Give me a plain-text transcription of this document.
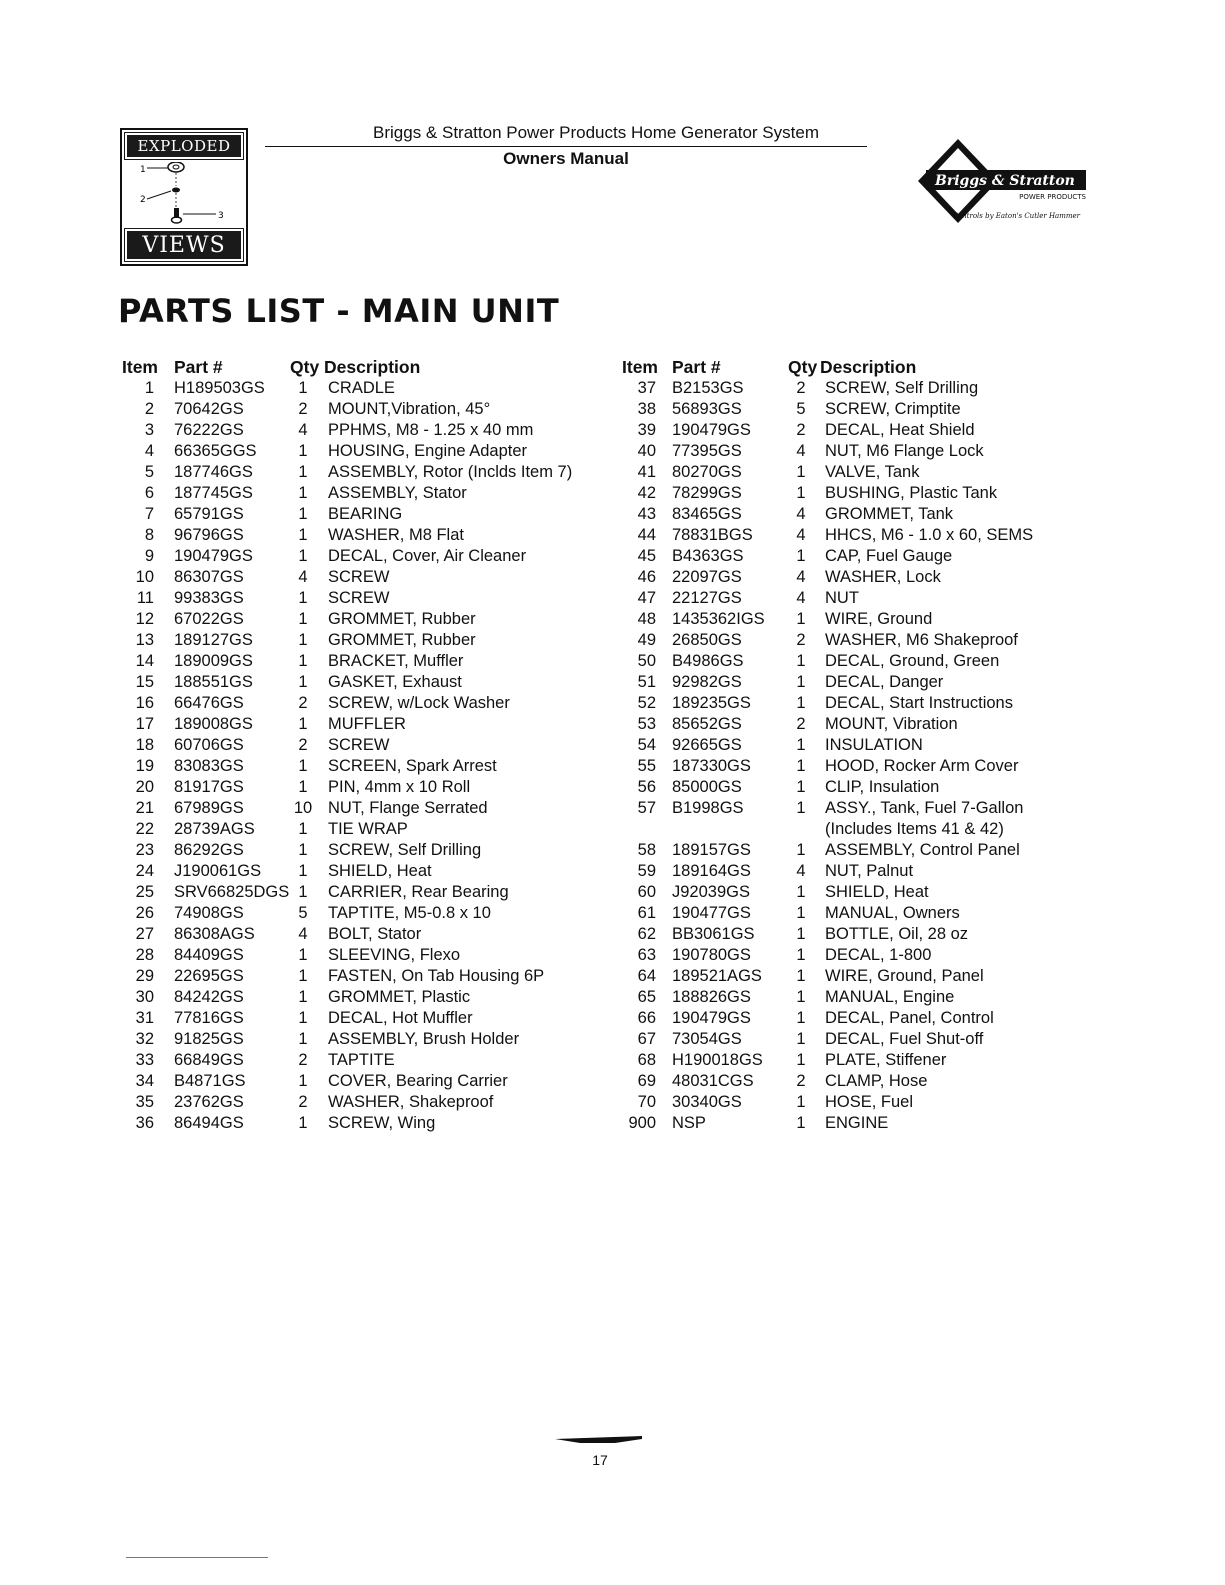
EXPLODED
1
2
3
VIEWS
Briggs & Stratton Power Products Home Generator System
Owners Manual
Briggs & Stratton
POWER PRODUCTS
Controls by Eaton's Cutler Hammer
PARTS LIST - MAIN UNIT
Item Part #	Qty Description
1 H189503GS	1	CRADLE
2 70642GS	2	MOUNT,Vibration, 45°
3 76222GS	4	PPHMS, M8 - 1.25 x 40 mm
4 66365GGS	1	HOUSING, Engine Adapter
5 187746GS	1	ASSEMBLY, Rotor (Inclds Item 7)
6 187745GS	1	ASSEMBLY, Stator
7 65791GS	1	BEARING
8 96796GS	1	WASHER, M8 Flat
9 190479GS	1	DECAL, Cover, Air Cleaner
10 86307GS	4	SCREW
11 99383GS	1	SCREW
12 67022GS	1	GROMMET, Rubber
13 189127GS	1	GROMMET, Rubber
14 189009GS	1	BRACKET, Muffler
15 188551GS	1	GASKET, Exhaust
16 66476GS	2	SCREW, w/Lock Washer
17 189008GS	1	MUFFLER
18 60706GS	2	SCREW
19 83083GS	1	SCREEN, Spark Arrest
20 81917GS	1	PIN, 4mm x 10 Roll
21 67989GS	10 NUT, Flange Serrated
22 28739AGS	1	TIE WRAP
23 86292GS	1	SCREW, Self Drilling
24 J190061GS	1	SHIELD, Heat
25 SRV66825DGS 1	CARRIER, Rear Bearing
26 74908GS	5	TAPTITE, M5-0.8 x 10
27 86308AGS	4	BOLT, Stator
28 84409GS	1	SLEEVING, Flexo
29 22695GS	1	FASTEN, On Tab Housing 6P
30 84242GS	1	GROMMET, Plastic
31 77816GS	1	DECAL, Hot Muffler
32 91825GS	1	ASSEMBLY, Brush Holder
33 66849GS	2	TAPTITE
34 B4871GS	1	COVER, Bearing Carrier
35 23762GS	2	WASHER, Shakeproof
36 86494GS	1	SCREW, Wing
Item Part #	Qty Description
37 B2153GS	2	SCREW, Self Drilling
38 56893GS	5	SCREW, Crimptite
39 190479GS	2	DECAL, Heat Shield
40 77395GS	4	NUT, M6 Flange Lock
41 80270GS	1	VALVE, Tank
42 78299GS	1	BUSHING, Plastic Tank
43 83465GS	4	GROMMET, Tank
44 78831BGS	4	HHCS, M6 - 1.0 x 60, SEMS
45 B4363GS	1	CAP, Fuel Gauge
46 22097GS	4	WASHER, Lock
47 22127GS	4	NUT
48 1435362IGS	1	WIRE, Ground
49 26850GS	2	WASHER, M6 Shakeproof
50 B4986GS	1	DECAL, Ground, Green
51 92982GS	1	DECAL, Danger
52 189235GS	1	DECAL, Start Instructions
53 85652GS	2	MOUNT, Vibration
54 92665GS	1	INSULATION
55 187330GS	1	HOOD, Rocker Arm Cover
56 85000GS	1	CLIP, Insulation
57 B1998GS	1	ASSY., Tank, Fuel 7-Gallon
(Includes Items 41 & 42)
58 189157GS	1	ASSEMBLY, Control Panel
59 189164GS	4	NUT, Palnut
60 J92039GS	1	SHIELD, Heat
61 190477GS	1	MANUAL, Owners
62 BB3061GS	1	BOTTLE, Oil, 28 oz
63 190780GS	1	DECAL, 1-800
64 189521AGS	1	WIRE, Ground, Panel
65 188826GS	1	MANUAL, Engine
66 190479GS	1	DECAL, Panel, Control
67 73054GS	1	DECAL, Fuel Shut-off
68 H190018GS	1	PLATE, Stiffener
69 48031CGS	2	CLAMP, Hose
70 30340GS	1	HOSE, Fuel
900 NSP	1	ENGINE
17
